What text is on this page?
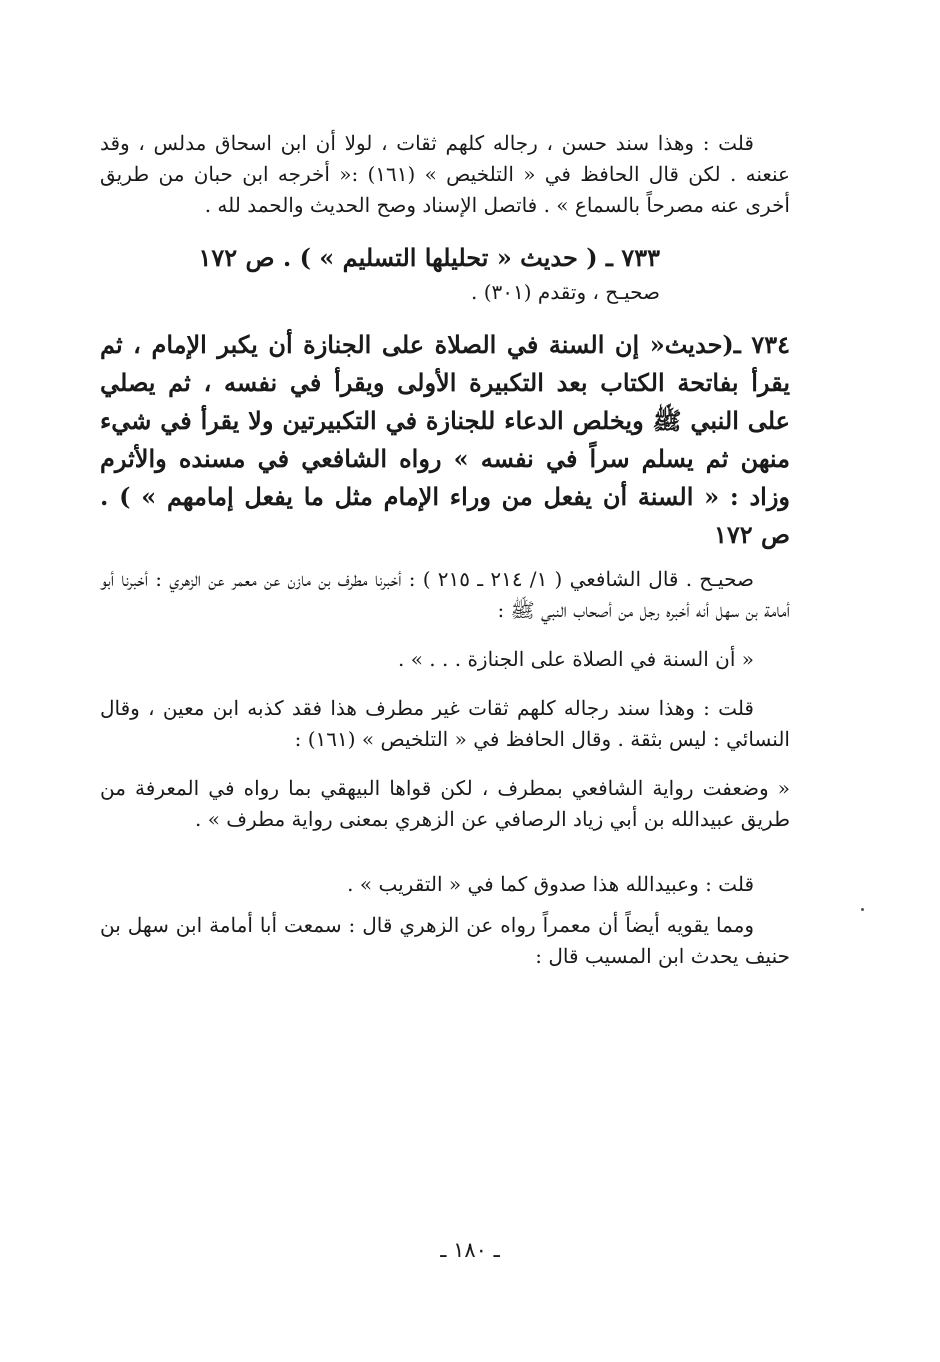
قلت : وهذا سند حسن ، رجاله كلهم ثقات ، لولا أن ابن اسحاق مدلس ، وقد عنعنه . لكن قال الحافظ في « التلخيص » (١٦١) :« أخرجه ابن حبان من طريق أخرى عنه مصرحاً بالسماع » . فاتصل الإسناد وصح الحديث والحمد لله .

٧٣٣ ـ ( حديث « تحليلها التسليم » ) . ص ١٧٢

صحيـح ، وتقدم (٣٠١) .

٧٣٤ ـ(حديث« إن السنة في الصلاة على الجنازة أن يكبر الإمام ، ثم يقرأ بفاتحة الكتاب بعد التكبيرة الأولى ويقرأ في نفسه ، ثم يصلي على النبي ﷺ ويخلص الدعاء للجنازة في التكبيرتين ولا يقرأ في شيء منهن ثم يسلم سراً في نفسه » رواه الشافعي في مسنده والأثرم وزاد : « السنة أن يفعل من وراء الإمام مثل ما يفعل إمامهم » ) . ص ١٧٢

صحيـح . قال الشافعي ( ١/ ٢١٤ ـ ٢١٥ ) : أخبرنا مطرف بن مازن عن معمر عن الزهري : أخبرنا أبو أمامة بن سهل أنه أخبره رجل من أصحاب النبي ﷺ :

« أن السنة في الصلاة على الجنازة . . . » .

قلت : وهذا سند رجاله كلهم ثقات غير مطرف هذا فقد كذبه ابن معين ، وقال النسائي : ليس بثقة . وقال الحافظ في « التلخيص » (١٦١) :

« وضعفت رواية الشافعي بمطرف ، لكن قواها البيهقي بما رواه في المعرفة من طريق عبيدالله بن أبي زياد الرصافي عن الزهري بمعنى رواية مطرف » .

قلت : وعبيدالله هذا صدوق كما في « التقريب » .

ومما يقويه أيضاً أن معمراً رواه عن الزهري قال : سمعت أبا أمامة ابن سهل بن حنيف يحدث ابن المسيب قال :

ـ ١٨٠ ـ
